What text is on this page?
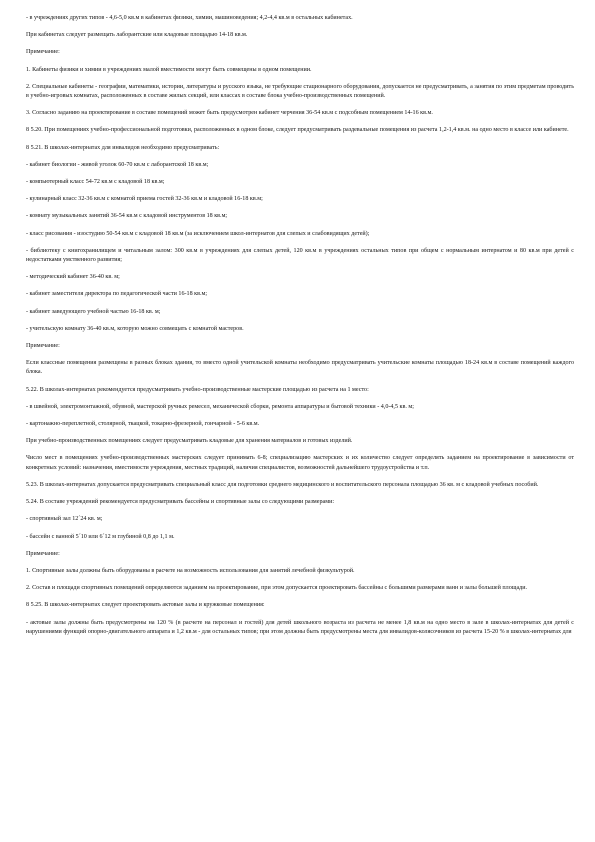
- в учреждениях других типов - 4,6-5,0 кв.м в кабинетах физики, химии, машиноведения; 4,2-4,4 кв.м в остальных кабинетах.

При кабинетах следует размещать лаборантские или кладовые площадью 14-18 кв.м.

Примечание:

1. Кабинеты физики и химии в учреждениях малой вместимости могут быть совмещены в одном помещении.

2. Специальные кабинеты - географии, математики, истории, литературы и русского языка, не требующие стационарного оборудования, допускается не предусматривать, а занятия по этим предметам проводить в учебно-игровых комнатах, расположенных в составе жилых секций, или классах в составе блока учебно-производственных помещений.

3. Согласно заданию на проектирование в составе помещений может быть предусмотрен кабинет черчения 36-54 кв.м с подсобным помещением 14-16 кв.м.

8 5.20. При помещениях учебно-профессиональной подготовки, расположенных в одном блоке, следует предусматривать раздевальные помещения из расчета 1,2-1,4 кв.м. на одно место в классе или кабинете.

8 5.21. В школах-интернатах для инвалидов необходимо предусматривать:

- кабинет биологии - живой уголок 60-70 кв.м с лаборантской 18 кв.м;

- компьютерный класс 54-72 кв.м с кладовой 18 кв.м;

- кулинарный класс 32-36 кв.м с комнатой приема гостей 32-36 кв.м и кладовой 16-18 кв.м;

- комнату музыкальных занятий 36-54 кв.м с кладовой инструментов 18 кв.м;

- класс рисования - изостудию 50-54 кв.м с кладовой 18 кв.м (за исключением школ-интернатов для слепых и слабовидящих детей);

- библиотеку с книгохранилищем и читальным залом: 300 кв.м в учреждениях для слепых детей, 120 кв.м в учреждениях остальных типов при общем с нормальным интернатом и 80 кв.м при детей с недостатками умственного развития;

- методический кабинет 36-40 кв. м;

- кабинет заместителя директора по педагогической части 16-18 кв.м;

- кабинет заведующего учебной частью 16-18 кв. м;

- учительскую комнату 36-40 кв.м, которую можно совмещать с комнатой мастеров.

Примечание:

Если классные помещения размещены в разных блоках здания, то вместо одной учительской комнаты необходимо предусматривать учительские комнаты площадью 18-24 кв.м в составе помещений каждого блока.

5.22. В школах-интернатах рекомендуется предусматривать учебно-производственные мастерские площадью из расчета на 1 место:

- в швейной, электромонтажной, обувной, мастерской ручных ремесел, механической сборки, ремонта аппаратуры и бытовой техники - 4,0-4,5 кв. м;

- картонажно-переплетной, столярной, ткацкой, токарно-фрезерной, гончарной - 5-6 кв.м.

При учебно-производственных помещениях следует предусматривать кладовые для хранения материалов и готовых изделий.

Число мест в помещениях учебно-производственных мастерских следует принимать 6-8; специализацию мастерских и их количество следует определять заданием на проектирование в зависимости от конкретных условий: назначения, вместимости учреждения, местных традиций, наличия специалистов, возможностей дальнейшего трудоустройства и т.п.

5.23. В школах-интернатах допускается предусматривать специальный класс для подготовки среднего медицинского и воспитательского персонала площадью 36 кв. м с кладовой учебных пособий.

5.24. В составе учреждений рекомендуется предусматривать бассейны и спортивные залы со следующими размерами:

- спортивный зал 12´24 кв. м;

- бассейн с ванной 5´10 или 6´12 м глубиной 0,8 до 1,1 м.

Примечание:

1. Спортивные залы должны быть оборудованы в расчете на возможность использования для занятий лечебной физкультурой.

2. Состав и площади спортивных помещений определяются заданием на проектирование, при этом допускается проектировать бассейны с большими размерами ванн и залы большей площади.

8 5.25. В школах-интернатах следует проектировать актовые залы и кружковые помещения:

- актовые залы должны быть предусмотрены на 120 % (в расчете на персонал и гостей) для детей школьного возраста из расчета не менее 1,8 кв.м на одно место в зале в школах-интернатах для детей с нарушениями функций опорно-двигательного аппарата и 1,2 кв.м - для остальных типов; при этом должны быть предусмотрены места для инвалидов-колясочников из расчета 15-20 % в школах-интернатах для
